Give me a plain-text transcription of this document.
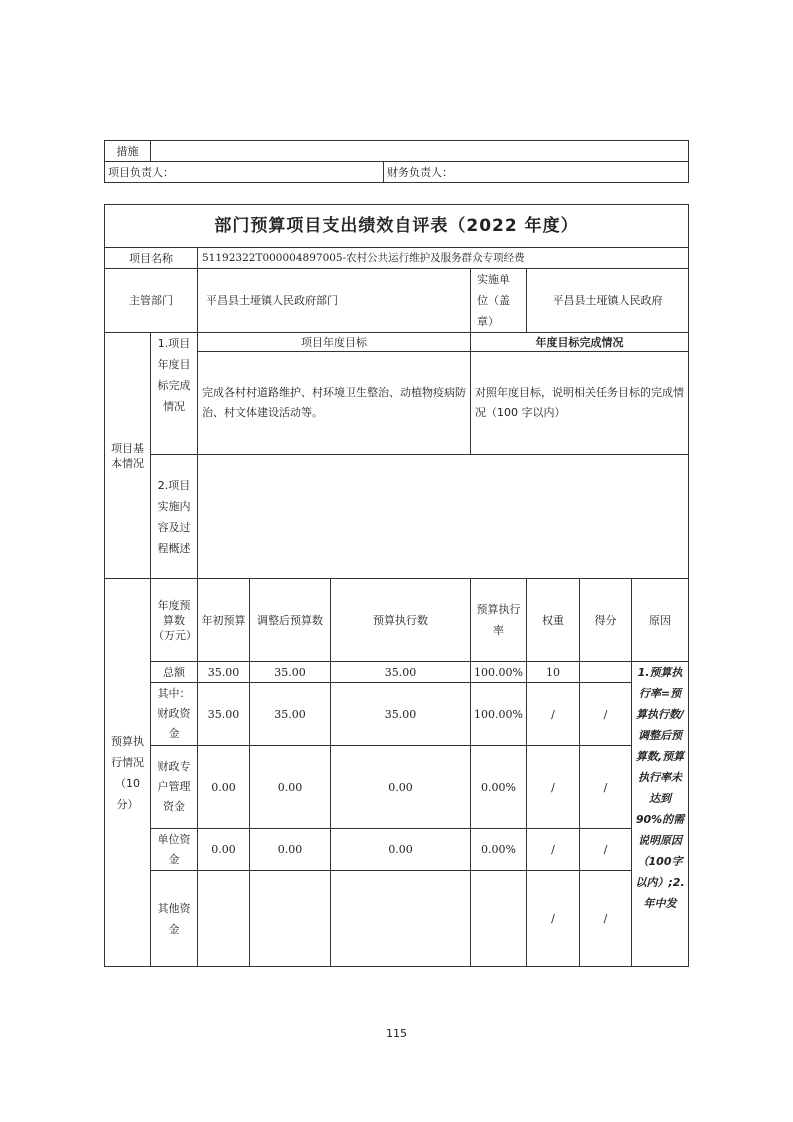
措施		
项目负责人：		财务负责人：
部门预算项目支出绩效自评表（2022 年度）								
项目名称		51192322T000004897005-农村公共运行维护及服务群众专项经费						
主管部门		平昌县土垭镇人民政府部门			实施单位（盖章）	平昌县土垭镇人民政府		
项目基本情况	1.项目年度目标完成情况	项目年度目标			年度目标完成情况			
		完成各村村道路维护、村环境卫生整治、动植物疫病防治、村文体建设活动等。			对照年度目标，说明相关任务目标的完成情况（100 字以内）			
	2.项目实施内容及过程概述							
预算执行情况（10分）	年度预算数（万元）	年初预算	调整后预算数	预算执行数	预算执行率	权重	得分	原因
	总额	35.00	35.00	35.00	100.00%	10		1.预算执行率=预算执行数/调整后预算数,预算执行率未达到 90%的需说明原因（100字以内）;2.年中发
	其中：财政资金	35.00	35.00	35.00	100.00%	/	/	
	财政专户管理资金	0.00	0.00	0.00	0.00%	/	/	
	单位资金	0.00	0.00	0.00	0.00%	/	/	
	其他资金					/	/	
115
